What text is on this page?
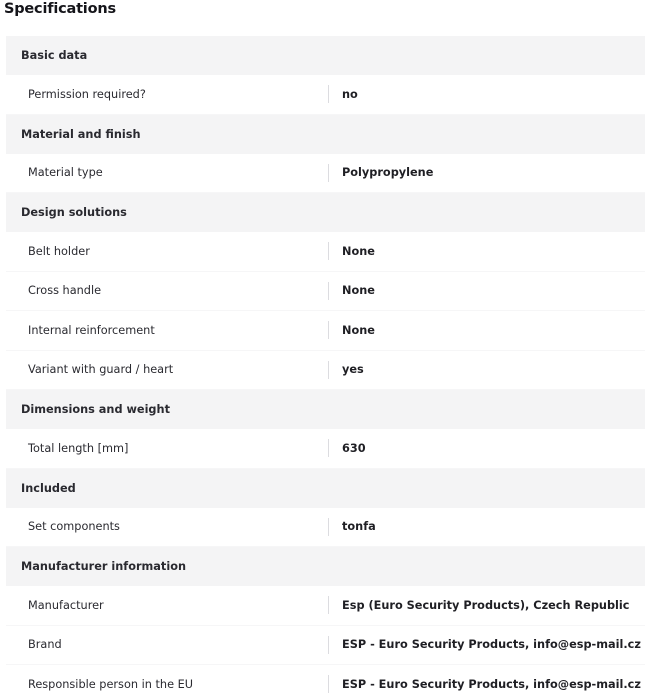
Specifications
Basic data
Permission required?	no
Material and finish
Material type	Polypropylene
Design solutions
Belt holder	None
Cross handle	None
Internal reinforcement	None
Variant with guard / heart	yes
Dimensions and weight
Total length [mm]	630
Included
Set components	tonfa
Manufacturer information
Manufacturer	Esp (Euro Security Products), Czech Republic
Brand	ESP - Euro Security Products, info@esp-mail.cz
Responsible person in the EU	ESP - Euro Security Products, info@esp-mail.cz
